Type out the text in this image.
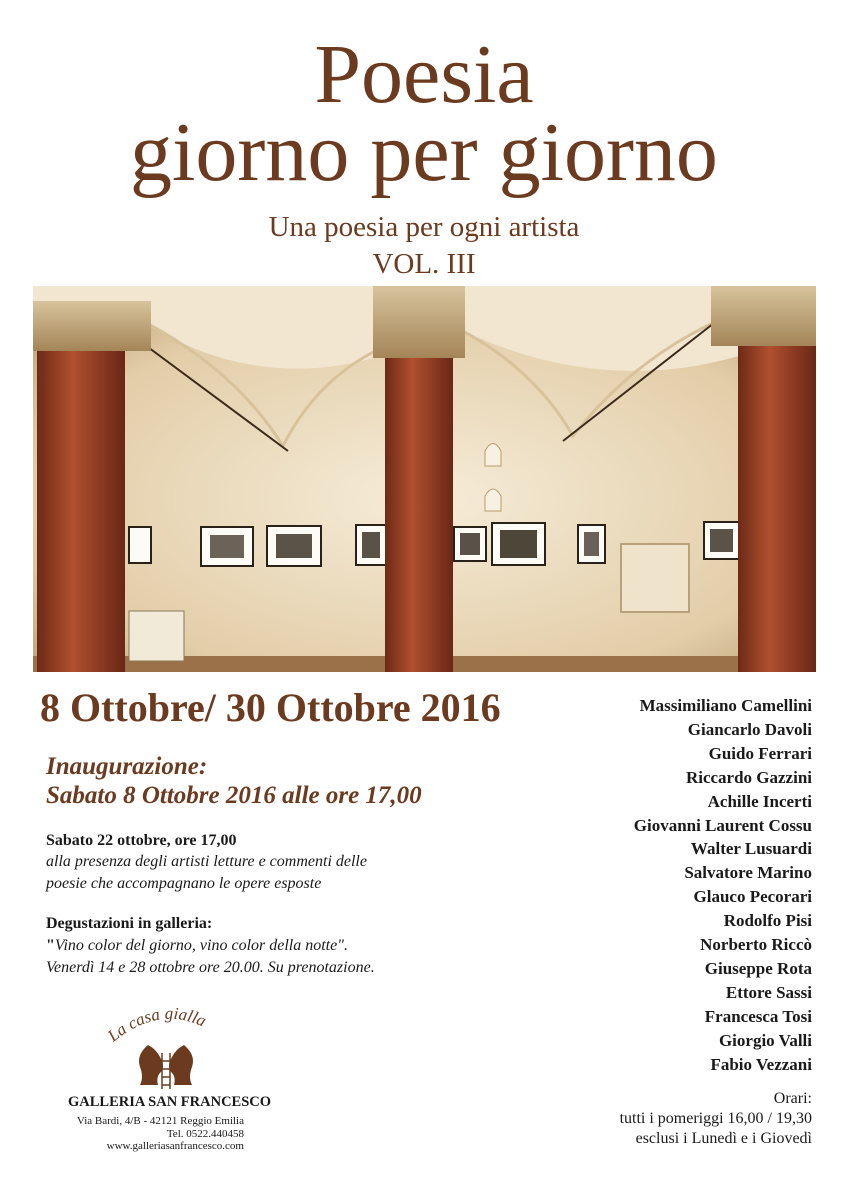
Poesia
giorno per giorno
Una poesia per ogni artista
VOL. III
8 Ottobre/ 30 Ottobre 2016
Inaugurazione:
Sabato 8 Ottobre 2016 alle ore 17,00
Sabato 22 ottobre, ore 17,00
alla presenza degli artisti letture e commenti delle
poesie che accompagnano le opere esposte
Degustazioni in galleria:
"Vino color del giorno, vino color della notte".
Venerdì 14 e 28 ottobre ore 20.00. Su prenotazione.
Massimiliano Camellini
Giancarlo Davoli
Guido Ferrari
Riccardo Gazzini
Achille Incerti
Giovanni Laurent Cossu
Walter Lusuardi
Salvatore Marino
Glauco Pecorari
Rodolfo Pisi
Norberto Riccò
Giuseppe Rota
Ettore Sassi
Francesca Tosi
Giorgio Valli
Fabio Vezzani
La casa gialla
GALLERIA SAN FRANCESCO
Via Bardi, 4/B - 42121 Reggio Emilia
Tel. 0522.440458
www.galleriasanfrancesco.com
Orari:
tutti i pomeriggi 16,00 / 19,30
esclusi i Lunedì e i Giovedì
